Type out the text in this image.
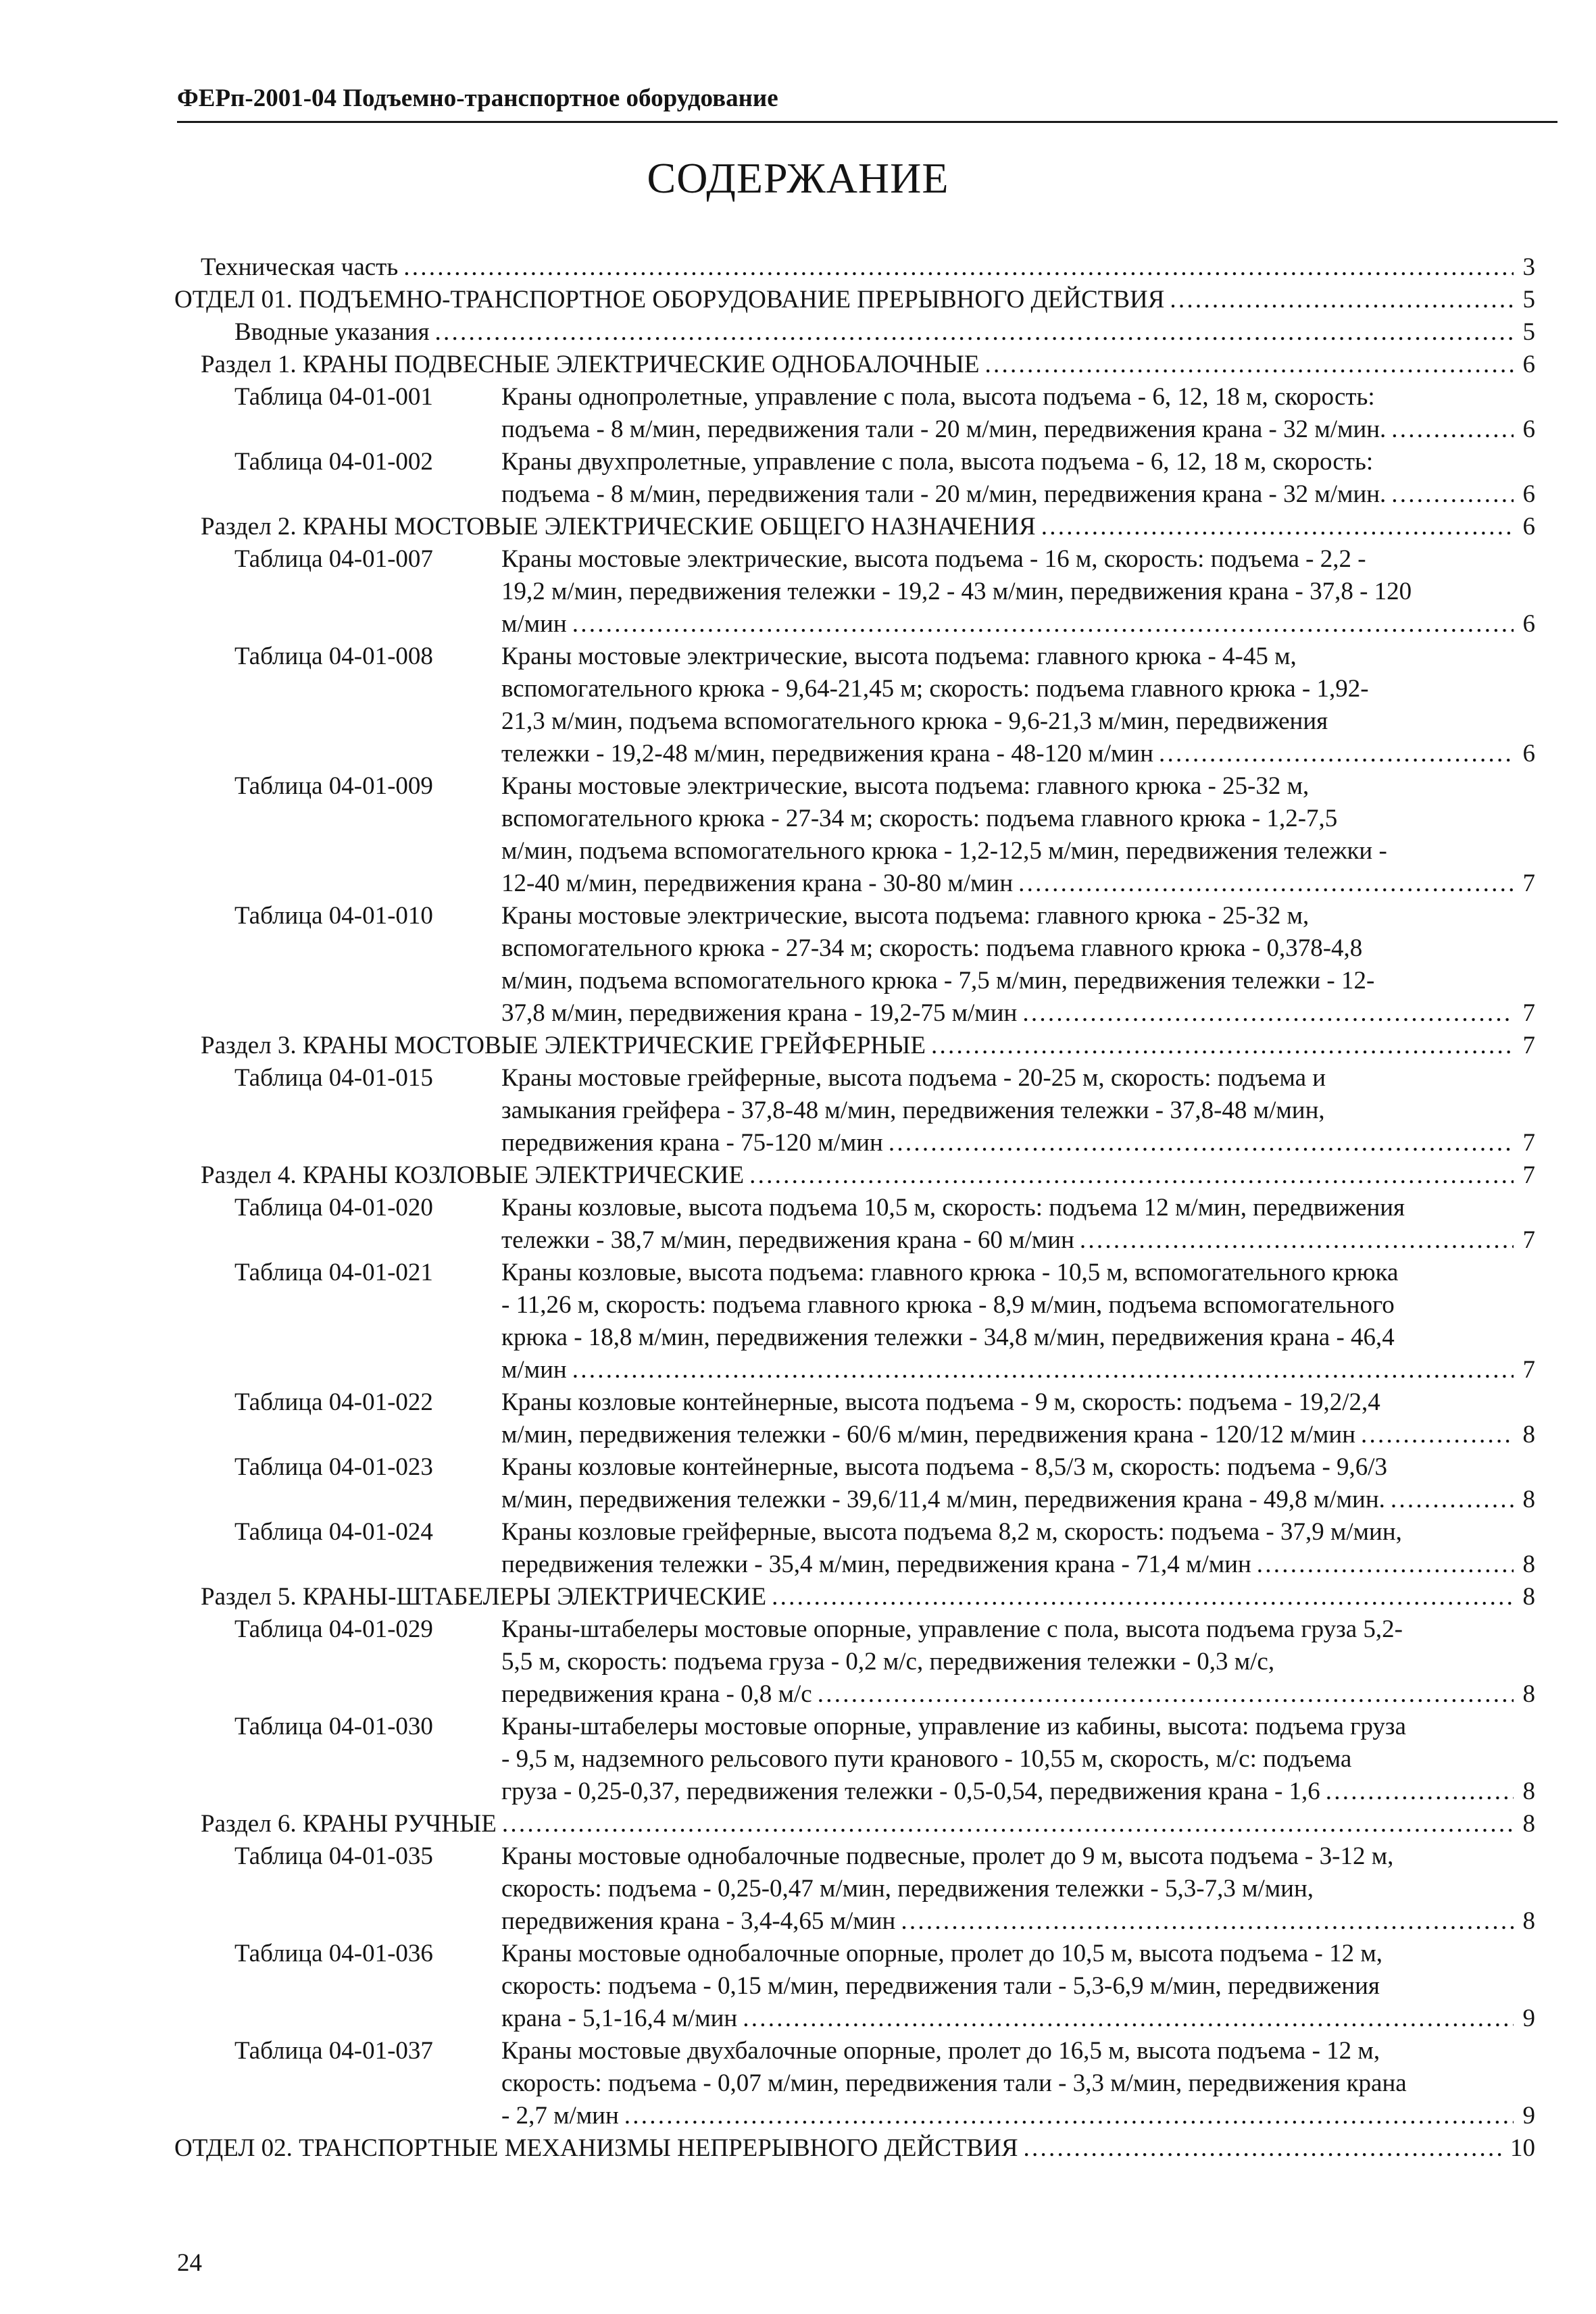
ФЕРп-2001-04 Подъемно-транспортное оборудование
СОДЕРЖАНИЕ
Техническая часть . . .	3
ОТДЕЛ 01. ПОДЪЕМНО-ТРАНСПОРТНОЕ ОБОРУДОВАНИЕ ПРЕРЫВНОГО ДЕЙСТВИЯ . . .	5
Вводные указания . . .	5
Раздел 1. КРАНЫ ПОДВЕСНЫЕ ЭЛЕКТРИЧЕСКИЕ ОДНОБАЛОЧНЫЕ . . .	6
Таблица 04-01-001	Краны однопролетные, управление с пола, высота подъема - 6, 12, 18 м, скорость:
подъема - 8 м/мин, передвижения тали - 20 м/мин, передвижения крана - 32 м/мин. . . .	6
Таблица 04-01-002	Краны двухпролетные, управление с пола, высота подъема - 6, 12, 18 м, скорость:
подъема - 8 м/мин, передвижения тали - 20 м/мин, передвижения крана - 32 м/мин. . . .	6
Раздел 2. КРАНЫ МОСТОВЫЕ ЭЛЕКТРИЧЕСКИЕ ОБЩЕГО НАЗНАЧЕНИЯ . . .	6
Таблица 04-01-007	Краны мостовые электрические, высота подъема - 16 м, скорость: подъема - 2,2 -
19,2 м/мин, передвижения тележки - 19,2 - 43 м/мин, передвижения крана - 37,8 - 120
м/мин . . .	6
Таблица 04-01-008	Краны мостовые электрические, высота подъема: главного крюка - 4-45 м,
вспомогательного крюка - 9,64-21,45 м; скорость: подъема главного крюка - 1,92-
21,3 м/мин, подъема вспомогательного крюка - 9,6-21,3 м/мин, передвижения
тележки - 19,2-48 м/мин, передвижения крана - 48-120 м/мин . . .	6
Таблица 04-01-009	Краны мостовые электрические, высота подъема: главного крюка - 25-32 м,
вспомогательного крюка - 27-34 м; скорость: подъема главного крюка - 1,2-7,5
м/мин, подъема вспомогательного крюка - 1,2-12,5 м/мин, передвижения тележки -
12-40 м/мин, передвижения крана - 30-80 м/мин . . .	7
Таблица 04-01-010	Краны мостовые электрические, высота подъема: главного крюка - 25-32 м,
вспомогательного крюка - 27-34 м; скорость: подъема главного крюка - 0,378-4,8
м/мин, подъема вспомогательного крюка - 7,5 м/мин, передвижения тележки - 12-
37,8 м/мин, передвижения крана - 19,2-75 м/мин . . .	7
Раздел 3. КРАНЫ МОСТОВЫЕ ЭЛЕКТРИЧЕСКИЕ ГРЕЙФЕРНЫЕ . . .	7
Таблица 04-01-015	Краны мостовые грейферные, высота подъема - 20-25 м, скорость: подъема и
замыкания грейфера - 37,8-48 м/мин, передвижения тележки - 37,8-48 м/мин,
передвижения крана - 75-120 м/мин . . .	7
Раздел 4. КРАНЫ КОЗЛОВЫЕ ЭЛЕКТРИЧЕСКИЕ . . .	7
Таблица 04-01-020	Краны козловые, высота подъема 10,5 м, скорость: подъема 12 м/мин, передвижения
тележки - 38,7 м/мин, передвижения крана - 60 м/мин . . .	7
Таблица 04-01-021	Краны козловые, высота подъема: главного крюка - 10,5 м, вспомогательного крюка
- 11,26 м, скорость: подъема главного крюка - 8,9 м/мин, подъема вспомогательного
крюка - 18,8 м/мин, передвижения тележки - 34,8 м/мин, передвижения крана - 46,4
м/мин . . .	7
Таблица 04-01-022	Краны козловые контейнерные, высота подъема - 9 м, скорость: подъема - 19,2/2,4
м/мин, передвижения тележки - 60/6 м/мин, передвижения крана - 120/12 м/мин . . .	8
Таблица 04-01-023	Краны козловые контейнерные, высота подъема - 8,5/3 м, скорость: подъема - 9,6/3
м/мин, передвижения тележки - 39,6/11,4 м/мин, передвижения крана - 49,8 м/мин. . . .	8
Таблица 04-01-024	Краны козловые грейферные, высота подъема 8,2 м, скорость: подъема - 37,9 м/мин,
передвижения тележки - 35,4 м/мин, передвижения крана - 71,4 м/мин . . .	8
Раздел 5. КРАНЫ-ШТАБЕЛЕРЫ ЭЛЕКТРИЧЕСКИЕ . . .	8
Таблица 04-01-029	Краны-штабелеры мостовые опорные, управление с пола, высота подъема груза 5,2-
5,5 м, скорость: подъема груза - 0,2 м/с, передвижения тележки - 0,3 м/с,
передвижения крана - 0,8 м/с . . .	8
Таблица 04-01-030	Краны-штабелеры мостовые опорные, управление из кабины, высота: подъема груза
- 9,5 м, надземного рельсового пути кранового - 10,55 м, скорость, м/с: подъема
груза - 0,25-0,37, передвижения тележки - 0,5-0,54, передвижения крана - 1,6 . . .	8
Раздел 6. КРАНЫ РУЧНЫЕ . . .	8
Таблица 04-01-035	Краны мостовые однобалочные подвесные, пролет до 9 м, высота подъема - 3-12 м,
скорость: подъема - 0,25-0,47 м/мин, передвижения тележки - 5,3-7,3 м/мин,
передвижения крана - 3,4-4,65 м/мин . . .	8
Таблица 04-01-036	Краны мостовые однобалочные опорные, пролет до 10,5 м, высота подъема - 12 м,
скорость: подъема - 0,15 м/мин, передвижения тали - 5,3-6,9 м/мин, передвижения
крана - 5,1-16,4 м/мин . . .	9
Таблица 04-01-037	Краны мостовые двухбалочные опорные, пролет до 16,5 м, высота подъема - 12 м,
скорость: подъема - 0,07 м/мин, передвижения тали - 3,3 м/мин, передвижения крана
- 2,7 м/мин . . .	9
ОТДЕЛ 02. ТРАНСПОРТНЫЕ МЕХАНИЗМЫ НЕПРЕРЫВНОГО ДЕЙСТВИЯ . . .	10

24
